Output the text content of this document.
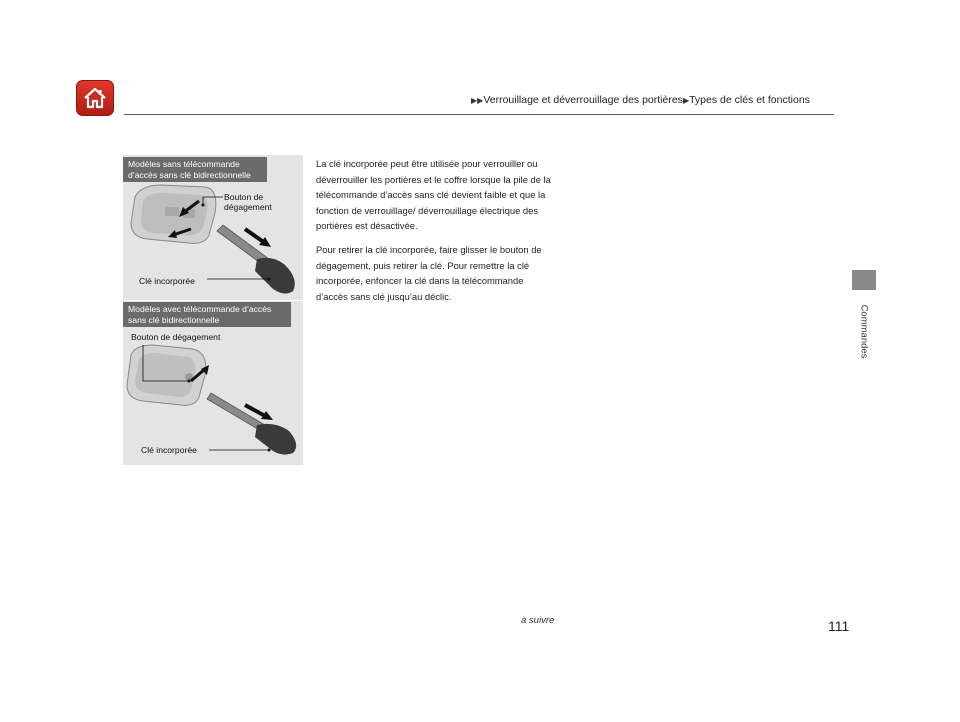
▶▶Verrouillage et déverrouillage des portières▶Types de clés et fonctions
Commandes
Modèles sans télécommande d’accès sans clé bidirectionnelle
Modèles avec télécommande d’accès sans clé bidirectionnelle
Bouton de
dégagement
Clé incorporée
Bouton de dégagement
Clé incorporée

La clé incorporée peut être utilisée pour verrouiller ou déverrouiller les portières et le coffre lorsque la pile de la télécommande d’accès sans clé devient faible et que la fonction de verrouillage/ déverrouillage électrique des portières est désactivée.

Pour retirer la clé incorporée, faire glisser le bouton de dégagement, puis retirer la clé. Pour remettre la clé incorporée, enfoncer la clé dans la télécommande d’accès sans clé jusqu’au déclic.

à suivre	111
